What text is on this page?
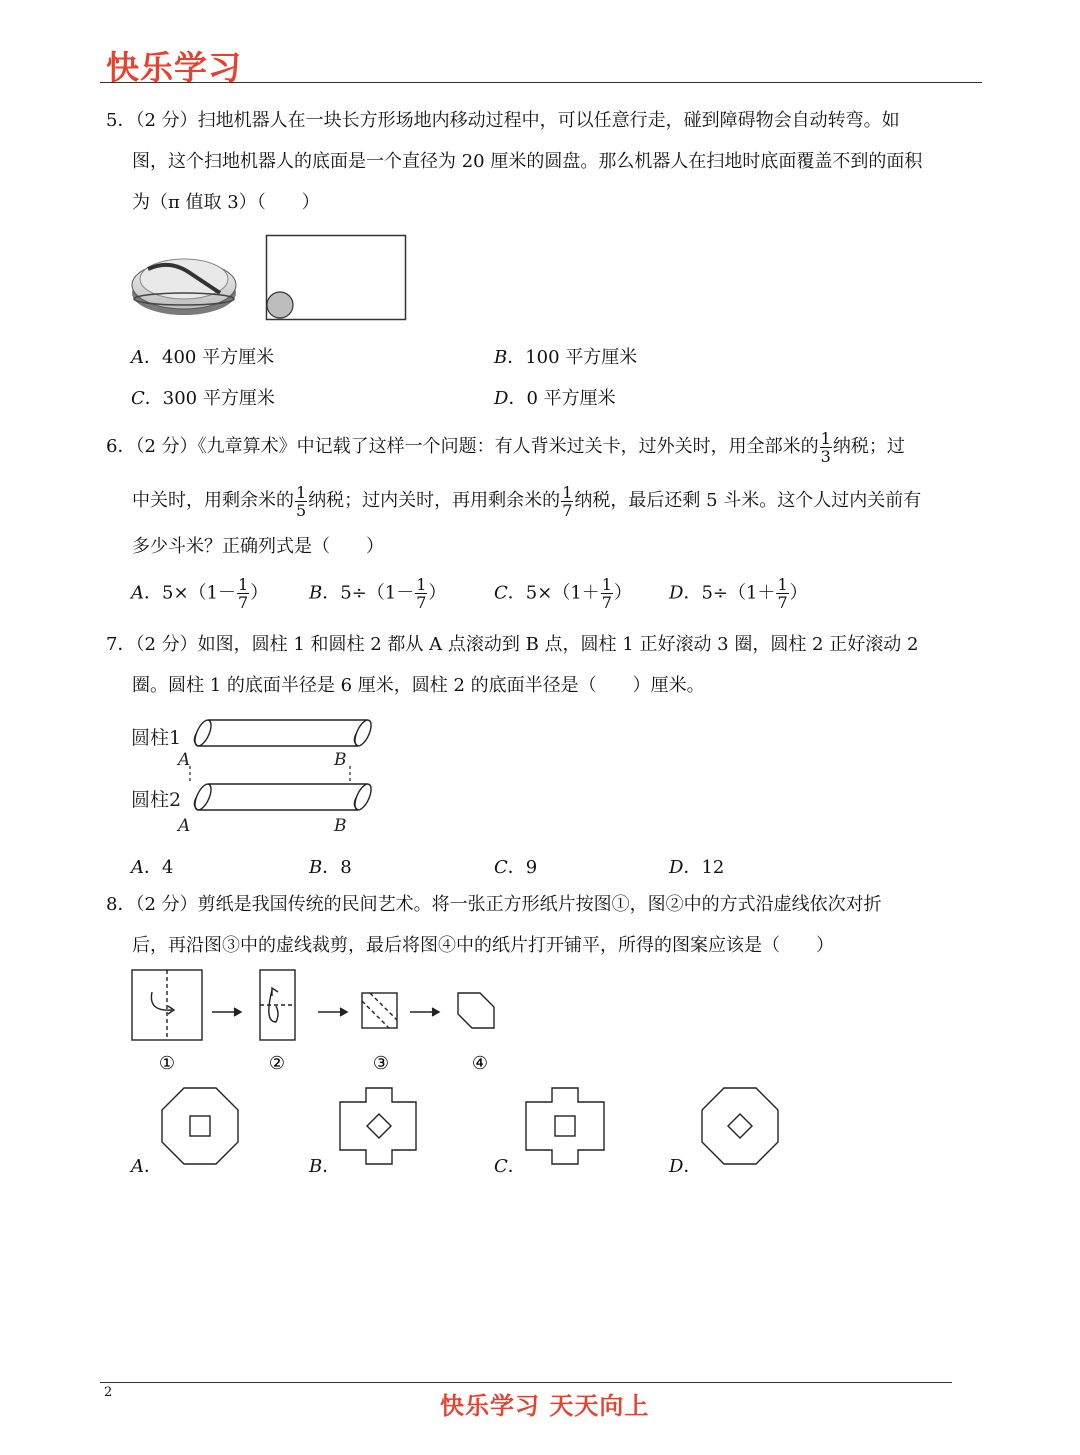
快乐学习
5．（2 分）扫地机器人在一块长方形场地内移动过程中，可以任意行走，碰到障碍物会自动转弯。如
图，这个扫地机器人的底面是一个直径为 20 厘米的圆盘。那么机器人在扫地时底面覆盖不到的面积
为（π 值取 3）（　　）
A．400 平方厘米	B．100 平方厘米
C．300 平方厘米	D．0 平方厘米
6．（2 分）《九章算术》中记载了这样一个问题：有人背米过关卡，过外关时，用全部米的 $\frac{1}{3}$ 纳税；过
中关时，用剩余米的 $\frac{1}{5}$ 纳税；过内关时，再用剩余米的 $\frac{1}{7}$ 纳税，最后还剩 5 斗米。这个人过内关前有
多少斗米？正确列式是（　　）
A．$5\times(1- \frac{1}{7}$ ） B．$5\div(1- \frac{1}{7}$ ）	C．$5\times(1+ \frac{1}{7}$ ） D．$5\div(1+ \frac{1}{7}$ ）
7．（2 分）如图，圆柱 1 和圆柱 2 都从 A 点滚动到 B 点，圆柱 1 正好滚动 3 圈，圆柱 2 正好滚动 2
圈。圆柱 1 的底面半径是 6 厘米，圆柱 2 的底面半径是（　　）厘米。
圆柱1
圆柱2
A	B
A	B
A．4	B．8	C．9	D．12
8．（2 分）剪纸是我国传统的民间艺术。将一张正方形纸片按图①，图②中的方式沿虚线依次对折
后，再沿图③中的虚线裁剪，最后将图④中的纸片打开铺平，所得的图案应该是（　　）
①	②	③	④
A．	B．	C．	D．
2	快乐学习 天天向上
